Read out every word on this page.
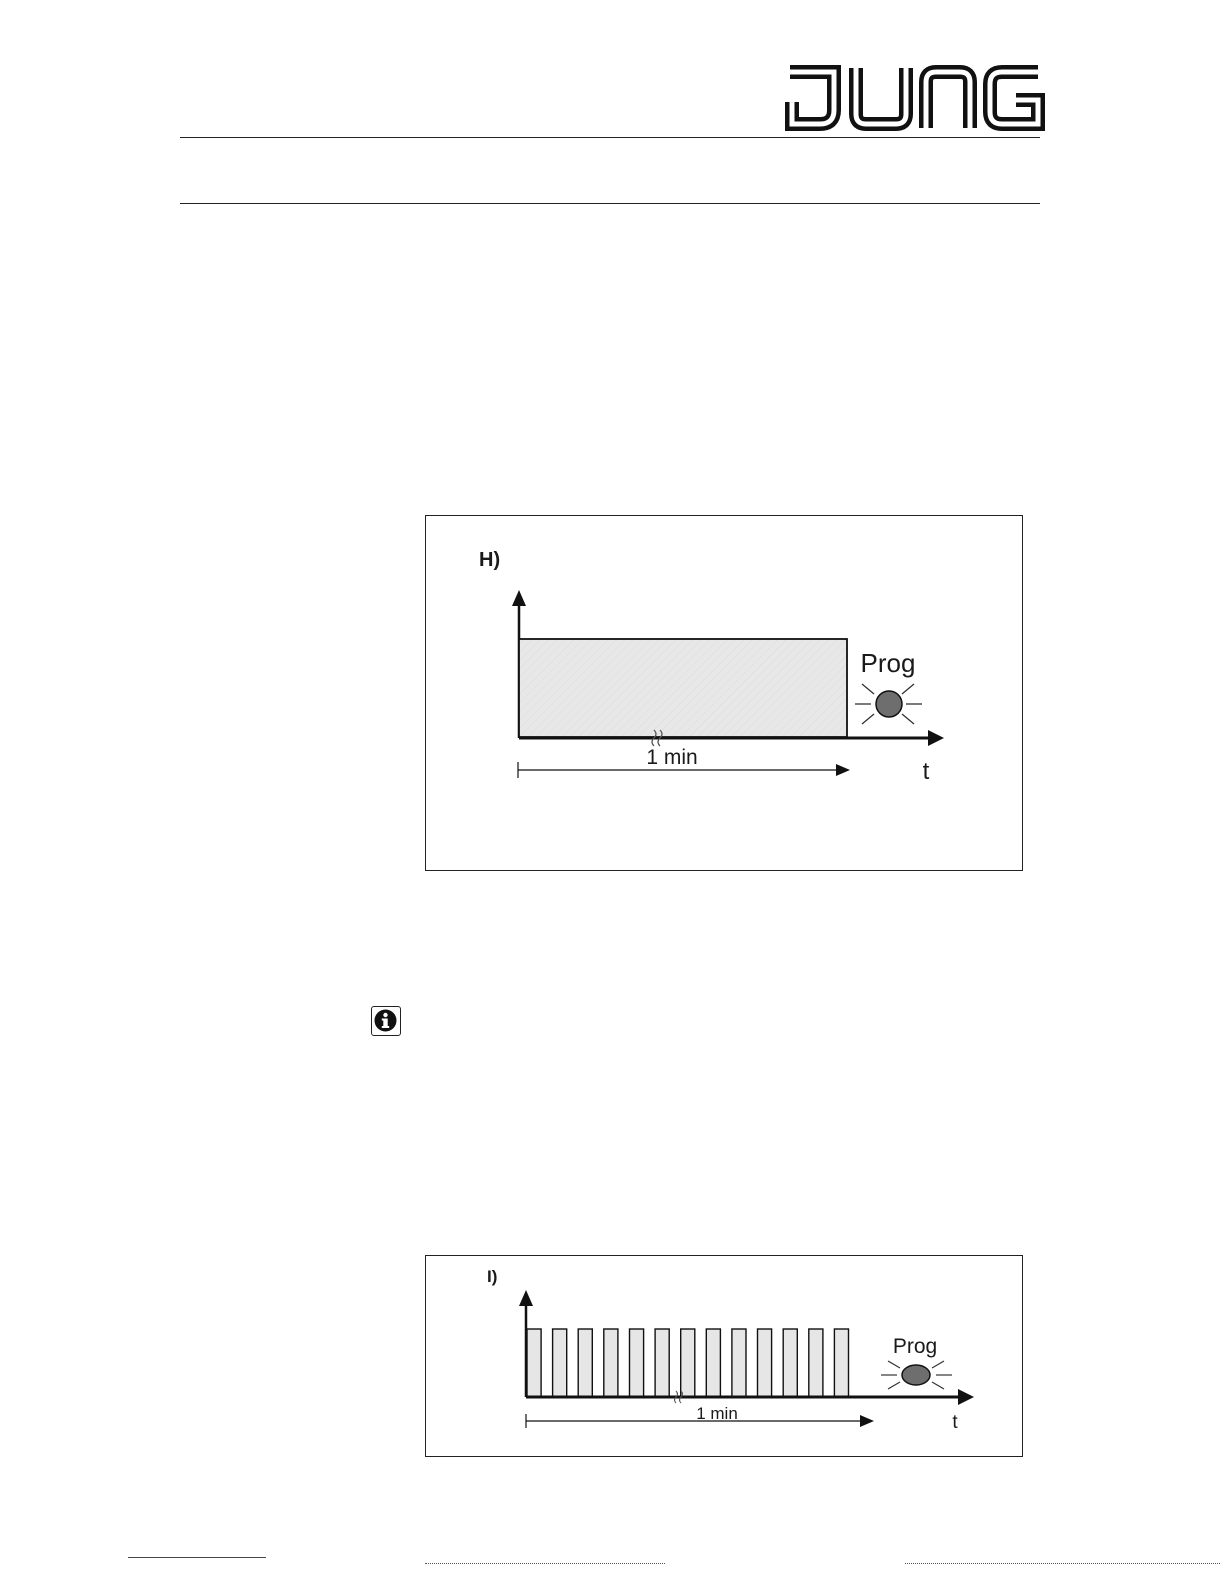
H)
1 min
t
Prog
I)
1 min	t
Prog
